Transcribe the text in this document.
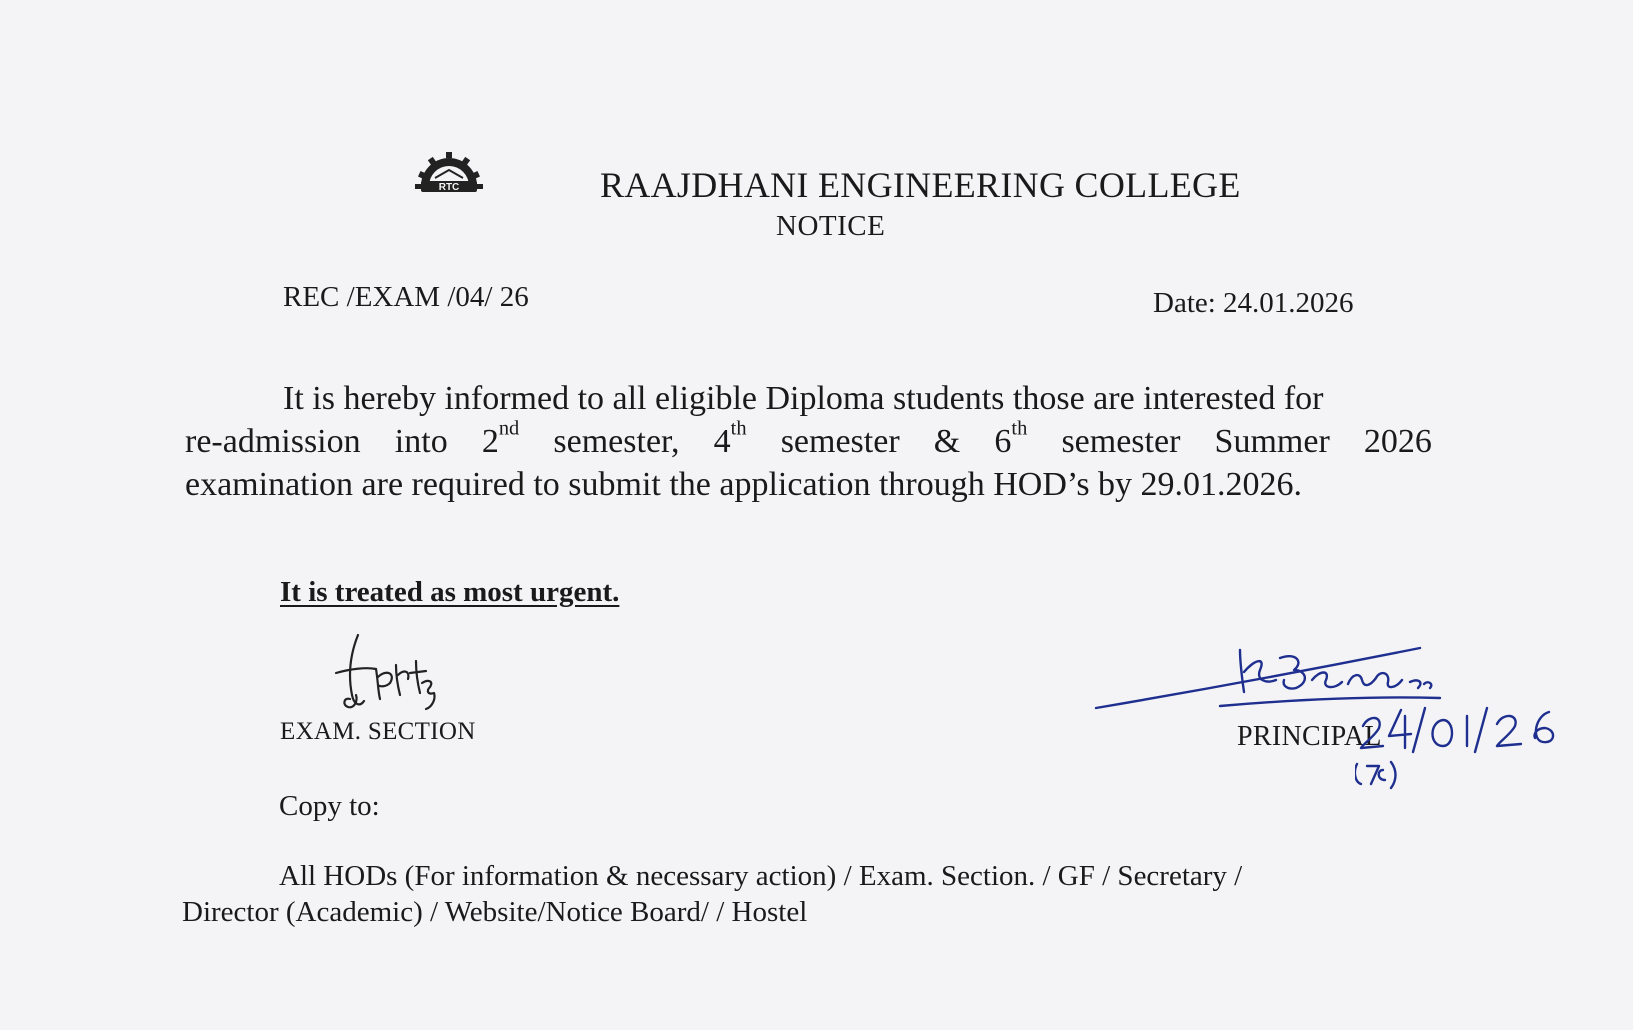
RTC	RAAJDHANI ENGINEERING COLLEGE
NOTICE
REC /EXAM /04/ 26	Date: 24.01.2026
It is hereby informed to all eligible Diploma students those are interested for
re-admission into 2nd semester, 4th semester & 6th semester Summer 2026
examination are required to submit the application through HOD’s by 29.01.2026.
It is treated as most urgent.
EXAM. SECTION	PRINCIPAL
Copy to:
All HODs (For information & necessary action) / Exam. Section. / GF / Secretary /
Director (Academic) / Website/Notice Board/ / Hostel
